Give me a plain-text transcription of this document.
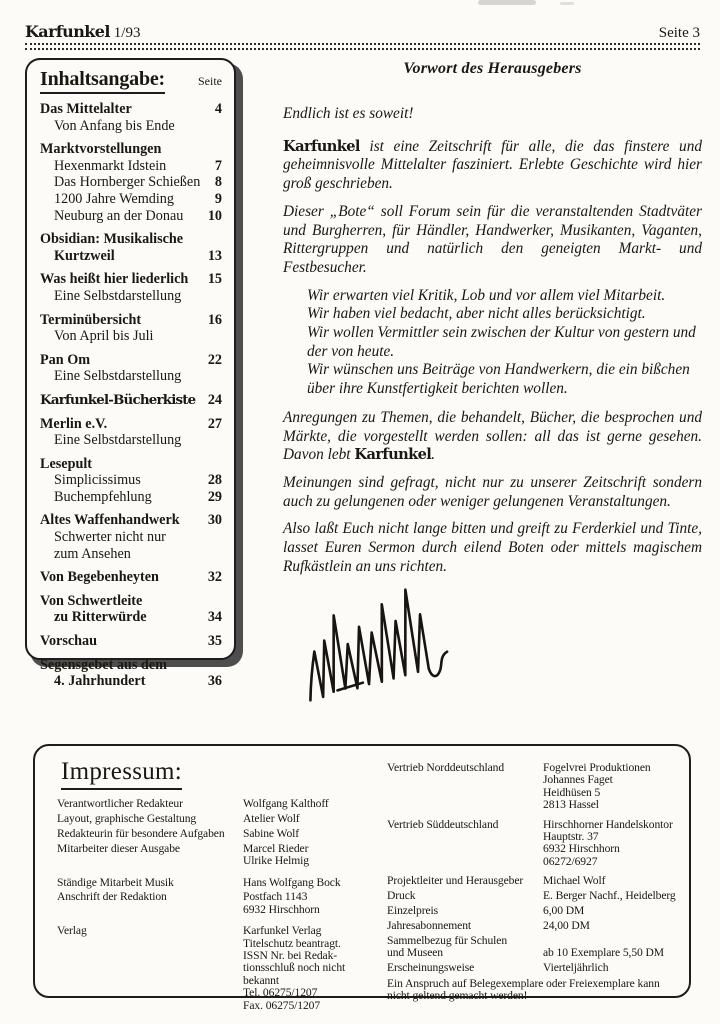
Karfunkel 1/93	Seite 3
Inhaltsangabe:	Seite
Das Mittelalter	4
Von Anfang bis Ende
Marktvorstellungen
Hexenmarkt Idstein	7
Das Hornberger Schießen 8
1200 Jahre Wemding	9
Neuburg an der Donau 10
Obsidian: Musikalische
Kurtzweil	13
Was heißt hier liederlich 15
Eine Selbstdarstellung
Terminübersicht	16
Von April bis Juli
Pan Om	22
Eine Selbstdarstellung
Karfunkel-Bücherkiste 24
Merlin e.V.	27
Eine Selbstdarstellung
Lesepult
Simplicissimus	28
Buchempfehlung	29
Altes Waffenhandwerk 30
Schwerter nicht nur
zum Ansehen
Von Begebenheyten	32
Von Schwertleite
zu Ritterwürde	34
Vorschau	35
Segensgebet aus dem
4. Jahrhundert	36
Vorwort des Herausgebers
Endlich ist es soweit!
Karfunkel ist eine Zeitschrift für alle, die das finstere und geheimnisvolle Mittelalter fasziniert. Erlebte Geschichte wird hier groß geschrieben.
Dieser „Bote“ soll Forum sein für die veranstaltenden Stadtväter und Burgherren, für Händler, Handwerker, Musikanten, Vaganten, Rittergruppen und natürlich den geneigten Markt- und Festbesucher.
Wir erwarten viel Kritik, Lob und vor allem viel Mitarbeit.
Wir haben viel bedacht, aber nicht alles berücksichtigt.
Wir wollen Vermittler sein zwischen der Kultur von gestern und der von heute.
Wir wünschen uns Beiträge von Handwerkern, die ein bißchen über ihre Kunstfertigkeit berichten wollen.
Anregungen zu Themen, die behandelt, Bücher, die besprochen und Märkte, die vorgestellt werden sollen: all das ist gerne gesehen. Davon lebt Karfunkel.
Meinungen sind gefragt, nicht nur zu unserer Zeitschrift sondern auch zu gelungenen oder weniger gelungenen Veranstaltungen.
Also laßt Euch nicht lange bitten und greift zu Ferderkiel und Tinte, lasset Euren Sermon durch eilend Boten oder mittels magischem Rufkästlein an uns richten.
Impressum:
Verantwortlicher Redakteur	Wolfgang Kalthoff
Layout, graphische Gestaltung	Atelier Wolf
Redakteurin für besondere Aufgaben	Sabine Wolf
Mitarbeiter dieser Ausgabe	Marcel Rieder
Ulrike Helmig
Ständige Mitarbeit Musik	Hans Wolfgang Bock
Anschrift der Redaktion	Postfach 1143
6932 Hirschhorn
Verlag	Karfunkel Verlag
Titelschutz beantragt.
ISSN Nr. bei Redak-
tionsschluß noch nicht
bekannt
Tel. 06275/1207
Fax. 06275/1207
Vertrieb Norddeutschland	Fogelvrei Produktionen
Johannes Faget
Heidhüsen 5
2813 Hassel
Vertrieb Süddeutschland	Hirschhorner Handelskontor
Hauptstr. 37
6932 Hirschhorn
06272/6927
Projektleiter und Herausgeber	Michael Wolf
Druck	E. Berger Nachf., Heidelberg
Einzelpreis	6,00 DM
Jahresabonnement	24,00 DM
Sammelbezug für Schulen
und Museen	ab 10 Exemplare 5,50 DM
Erscheinungsweise	Vierteljährlich
Ein Anspruch auf Belegexemplare oder Freiexemplare kann nicht geltend gemacht werden!
